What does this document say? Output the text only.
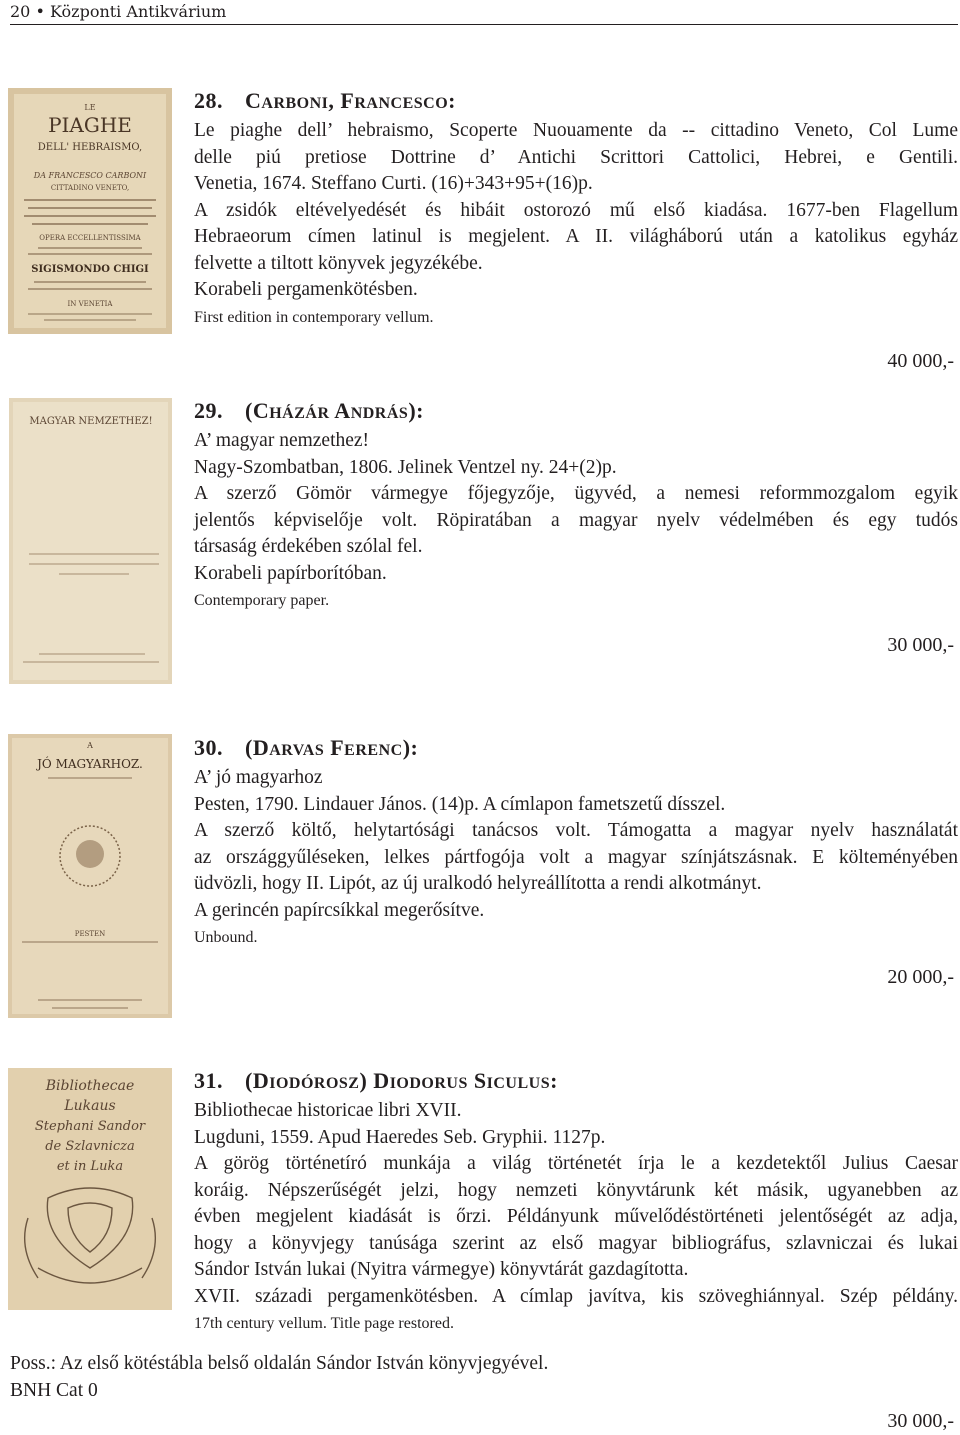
20 • Központi Antikvárium
LE
PIAGHE
DELL' HEBRAISMO,
DA FRANCESCO CARBONI
CITTADINO VENETO,
OPERA ECCELLENTISSIMA
SIGISMONDO CHIGI
IN VENETIA
MAGYAR NEMZETHEZ!
A
JÓ MAGYARHOZ.
PESTEN
Bibliothecae
Lukaus
Stephani Sandor
de Szlavnicza
et in Luka
28. CARBONI, FRANCESCO:
Le piaghe dell’ hebraismo, Scoperte Nuouamente da -- cittadino Veneto, Col Lume
delle piú pretiose Dottrine d’ Antichi Scrittori Cattolici, Hebrei, e Gentili.
Venetia, 1674. Steffano Curti. (16)+343+95+(16)p.
A zsidók eltévelyedését és hibáit ostorozó mű első kiadása. 1677-ben Flagellum
Hebraeorum címen latinul is megjelent. A II. világháború után a katolikus egyház
felvette a tiltott könyvek jegyzékébe.
Korabeli pergamenkötésben.
First edition in contemporary vellum.
40 000,-
29. (CHÁZÁR ANDRÁS):
A’ magyar nemzethez!
Nagy-Szombatban, 1806. Jelinek Ventzel ny. 24+(2)p.
A szerző Gömör vármegye főjegyzője, ügyvéd, a nemesi reformmozgalom egyik
jelentős képviselője volt. Röpiratában a magyar nyelv védelmében és egy tudós
társaság érdekében szólal fel.
Korabeli papírborítóban.
Contemporary paper.
30 000,-
30. (DARVAS FERENC):
A’ jó magyarhoz
Pesten, 1790. Lindauer János. (14)p. A címlapon fametszetű dísszel.
A szerző költő, helytartósági tanácsos volt. Támogatta a magyar nyelv használatát
az országgyűléseken, lelkes pártfogója volt a magyar színjátszásnak. E költeményében
üdvözli, hogy II. Lipót, az új uralkodó helyreállította a rendi alkotmányt.
A gerincén papírcsíkkal megerősítve.
Unbound.
20 000,-
31. (DIODÓROSZ) DIODORUS SICULUS:
Bibliothecae historicae libri XVII.
Lugduni, 1559. Apud Haeredes Seb. Gryphii. 1127p.
A görög történetíró munkája a világ történetét írja le a kezdetektől Julius Caesar
koráig. Népszerűségét jelzi, hogy nemzeti könyvtárunk két másik, ugyanebben az
évben megjelent kiadását is őrzi. Példányunk művelődéstörténeti jelentőségét az adja,
hogy a könyvjegy tanúsága szerint az első magyar bibliográfus, szlavniczai és lukai
Sándor István lukai (Nyitra vármegye) könyvtárát gazdagította.
XVII. századi pergamenkötésben. A címlap javítva, kis szöveghiánnyal. Szép példány.
17th century vellum. Title page restored.
Poss.: Az első kötéstábla belső oldalán Sándor István könyvjegyével.
BNH Cat 0
30 000,-
